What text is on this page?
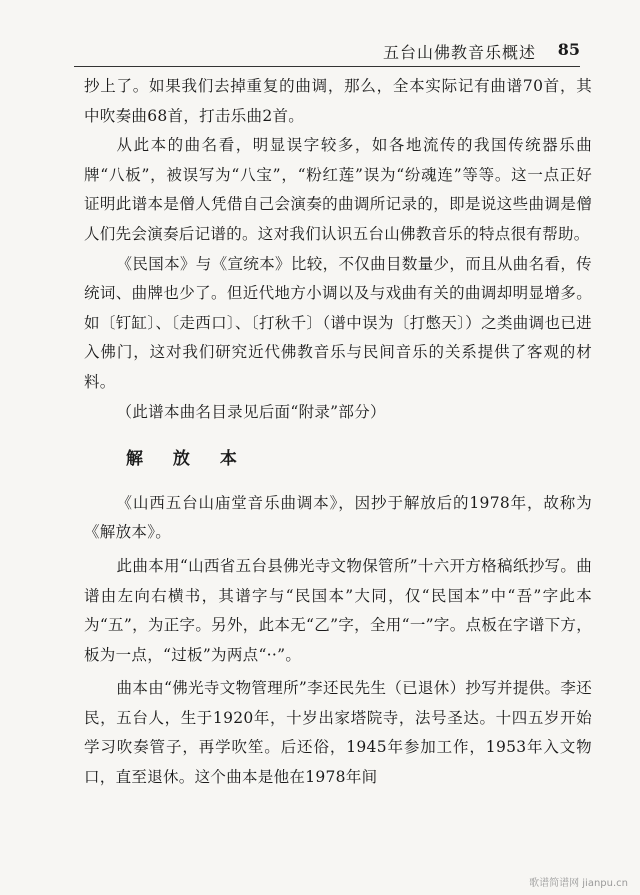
五台山佛教音乐概述 85

抄上了。如果我们去掉重复的曲调，那么，全本实际记有曲谱70首，其中吹奏曲68首，打击乐曲2首。

从此本的曲名看，明显误字较多，如各地流传的我国传统器乐曲牌“八板”，被误写为“八宝”，“粉红莲”误为“纷魂连”等等。这一点正好证明此谱本是僧人凭借自己会演奏的曲调所记录的，即是说这些曲调是僧人们先会演奏后记谱的。这对我们认识五台山佛教音乐的特点很有帮助。

《民国本》与《宣统本》比较，不仅曲目数量少，而且从曲名看，传统词、曲牌也少了。但近代地方小调以及与戏曲有关的曲调却明显增多。如〔钉缸〕、〔走西口〕、〔打秋千〕（谱中误为〔打憋天〕）之类曲调也已进入佛门，这对我们研究近代佛教音乐与民间音乐的关系提供了客观的材料。

（此谱本曲名目录见后面“附录”部分）

解 放 本

《山西五台山庙堂音乐曲调本》，因抄于解放后的1978年，故称为《解放本》。

此曲本用“山西省五台县佛光寺文物保管所”十六开方格稿纸抄写。曲谱由左向右横书，其谱字与“民国本”大同，仅“民国本”中“吾”字此本为“五”，为正字。另外，此本无“乙”字，全用“一”字。点板在字谱下方，板为一点，“过板”为两点“··”。

曲本由“佛光寺文物管理所”李还民先生（已退休）抄写并提供。李还民，五台人，生于1920年，十岁出家塔院寺，法号圣达。十四五岁开始学习吹奏管子，再学吹笙。后还俗，1945年参加工作，1953年入文物口，直至退休。这个曲本是他在1978年间

歌谱简谱网 jianpu.cn
